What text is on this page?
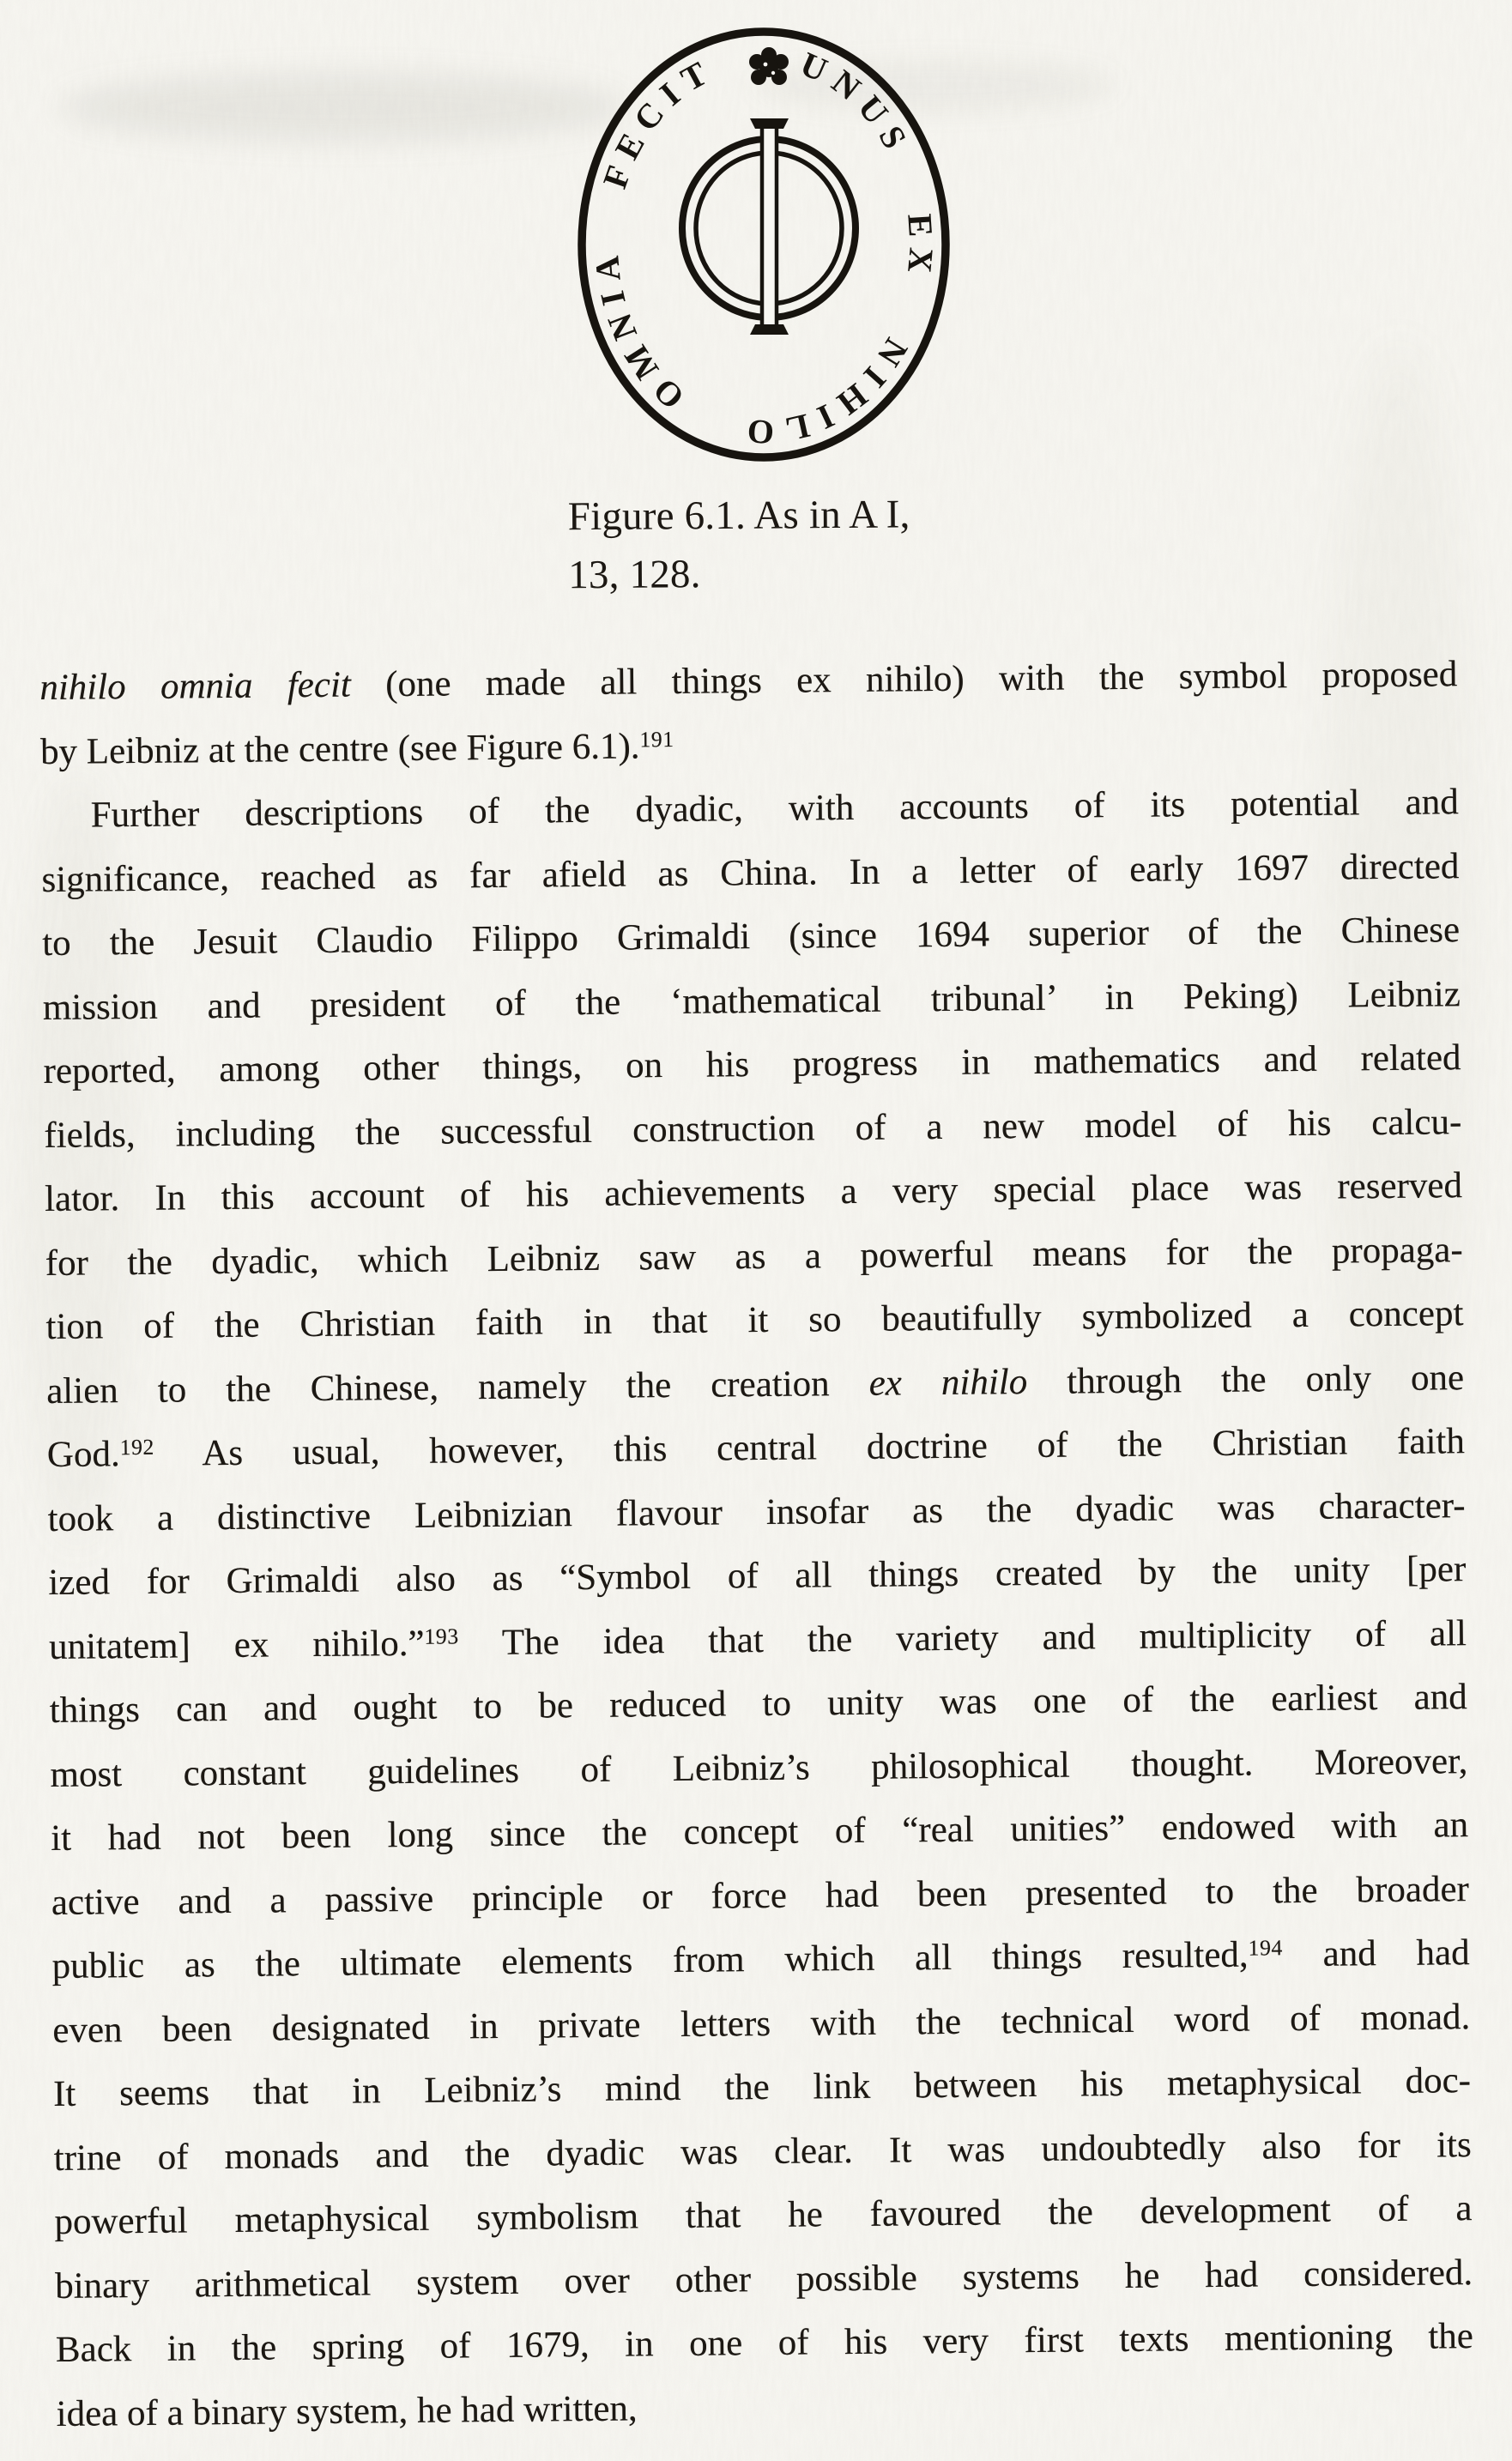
UNUS EX NIHILO OMNIA FECIT
Figure 6.1. As in A I,
13, 128.
nihilo omnia fecit (one made all things ex nihilo) with the symbol proposed
by Leibniz at the centre (see Figure 6.1).$^{191}$
Further descriptions of the dyadic, with accounts of its potential and
significance, reached as far afield as China. In a letter of early 1697 directed
to the Jesuit Claudio Filippo Grimaldi (since 1694 superior of the Chinese
mission and president of the ‘mathematical tribunal’ in Peking) Leibniz
reported, among other things, on his progress in mathematics and related
fields, including the successful construction of a new model of his calcu-
lator. In this account of his achievements a very special place was reserved
for the dyadic, which Leibniz saw as a powerful means for the propaga-
tion of the Christian faith in that it so beautifully symbolized a concept
alien to the Chinese, namely the creation ex nihilo through the only one
God.$^{192}$ As usual, however, this central doctrine of the Christian faith
took a distinctive Leibnizian flavour insofar as the dyadic was character-
ized for Grimaldi also as “Symbol of all things created by the unity [per
unitatem] ex nihilo.”$^{193}$ The idea that the variety and multiplicity of all
things can and ought to be reduced to unity was one of the earliest and
most constant guidelines of Leibniz’s philosophical thought. Moreover,
it had not been long since the concept of “real unities” endowed with an
active and a passive principle or force had been presented to the broader
public as the ultimate elements from which all things resulted,$^{194}$ and had
even been designated in private letters with the technical word of monad.
It seems that in Leibniz’s mind the link between his metaphysical doc-
trine of monads and the dyadic was clear. It was undoubtedly also for its
powerful metaphysical symbolism that he favoured the development of a
binary arithmetical system over other possible systems he had considered.
Back in the spring of 1679, in one of his very first texts mentioning the
idea of a binary system, he had written,
